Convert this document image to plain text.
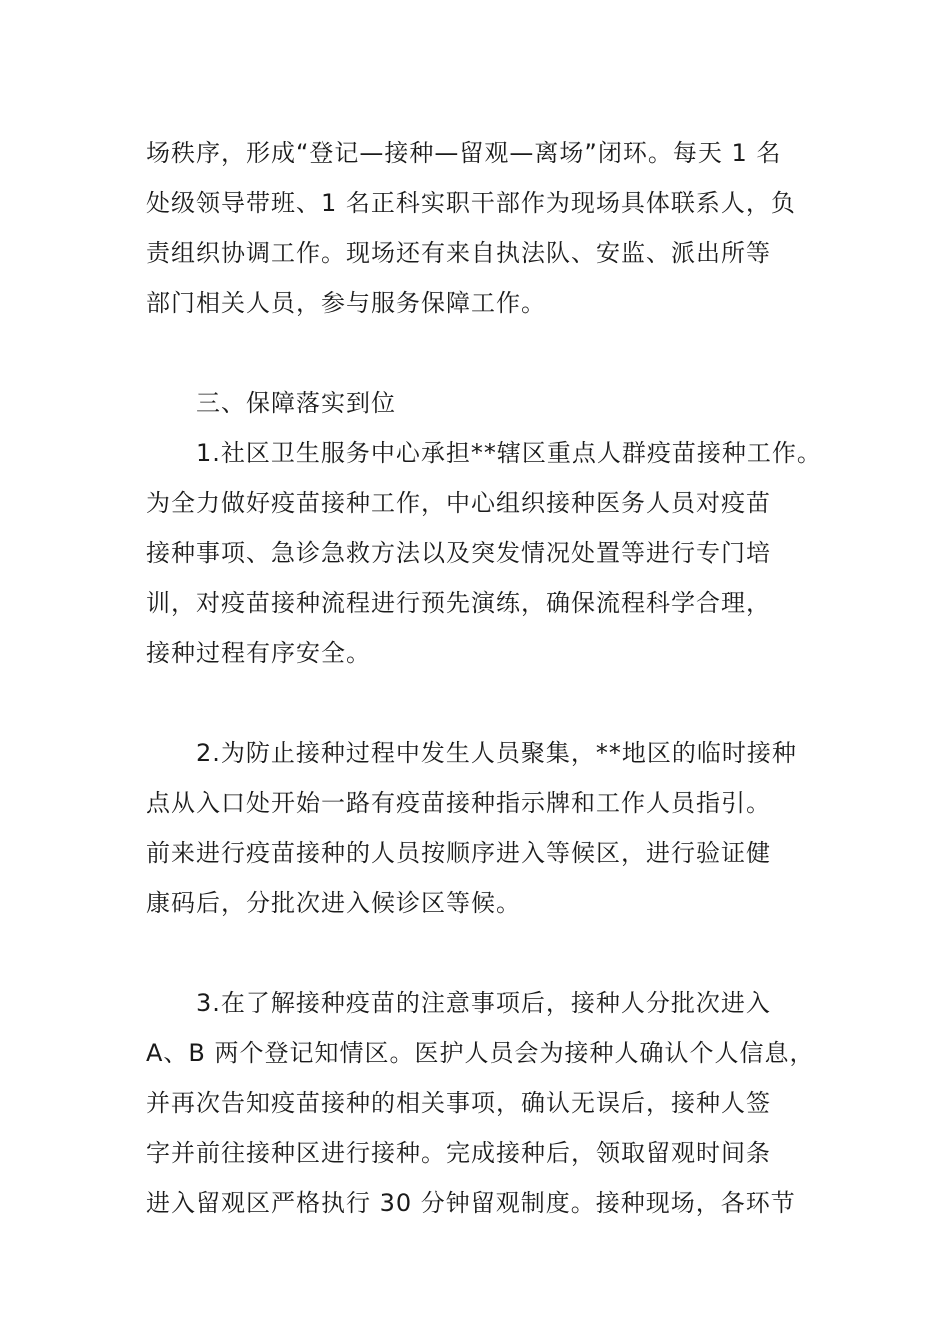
场秩序，形成“登记—接种—留观—离场”闭环。每天 1 名
处级领导带班、1 名正科实职干部作为现场具体联系人，负
责组织协调工作。现场还有来自执法队、安监、派出所等
部门相关人员，参与服务保障工作。

三、保障落实到位

1.社区卫生服务中心承担**辖区重点人群疫苗接种工作。
为全力做好疫苗接种工作，中心组织接种医务人员对疫苗
接种事项、急诊急救方法以及突发情况处置等进行专门培
训，对疫苗接种流程进行预先演练，确保流程科学合理，
接种过程有序安全。

2.为防止接种过程中发生人员聚集，**地区的临时接种
点从入口处开始一路有疫苗接种指示牌和工作人员指引。
前来进行疫苗接种的人员按顺序进入等候区，进行验证健
康码后，分批次进入候诊区等候。

3.在了解接种疫苗的注意事项后，接种人分批次进入
A、B 两个登记知情区。医护人员会为接种人确认个人信息，
并再次告知疫苗接种的相关事项，确认无误后，接种人签
字并前往接种区进行接种。完成接种后，领取留观时间条
进入留观区严格执行 30 分钟留观制度。接种现场，各环节
